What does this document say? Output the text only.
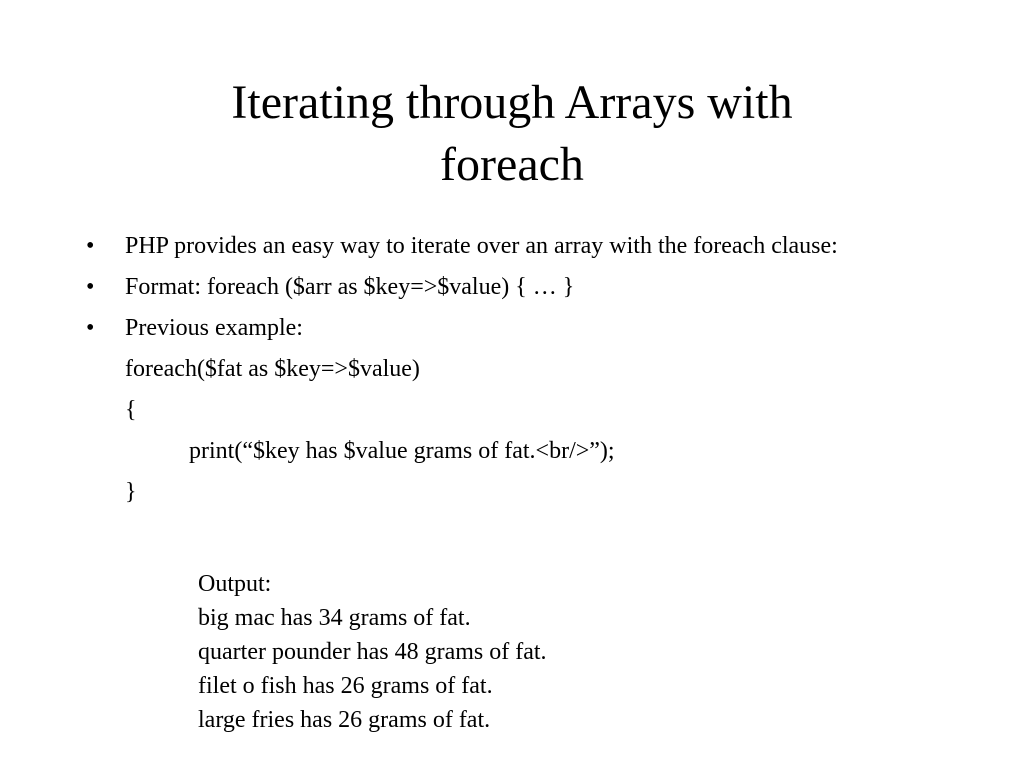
Iterating through Arrays with
foreach
• PHP provides an easy way to iterate over an array with the foreach clause:
• Format: foreach ($arr as $key=>$value) { … }
• Previous example:
foreach($fat as $key=>$value)
{
print(“$key has $value grams of fat.<br/>”);
}
Output:
big mac has 34 grams of fat.
quarter pounder has 48 grams of fat.
filet o fish has 26 grams of fat.
large fries has 26 grams of fat.
